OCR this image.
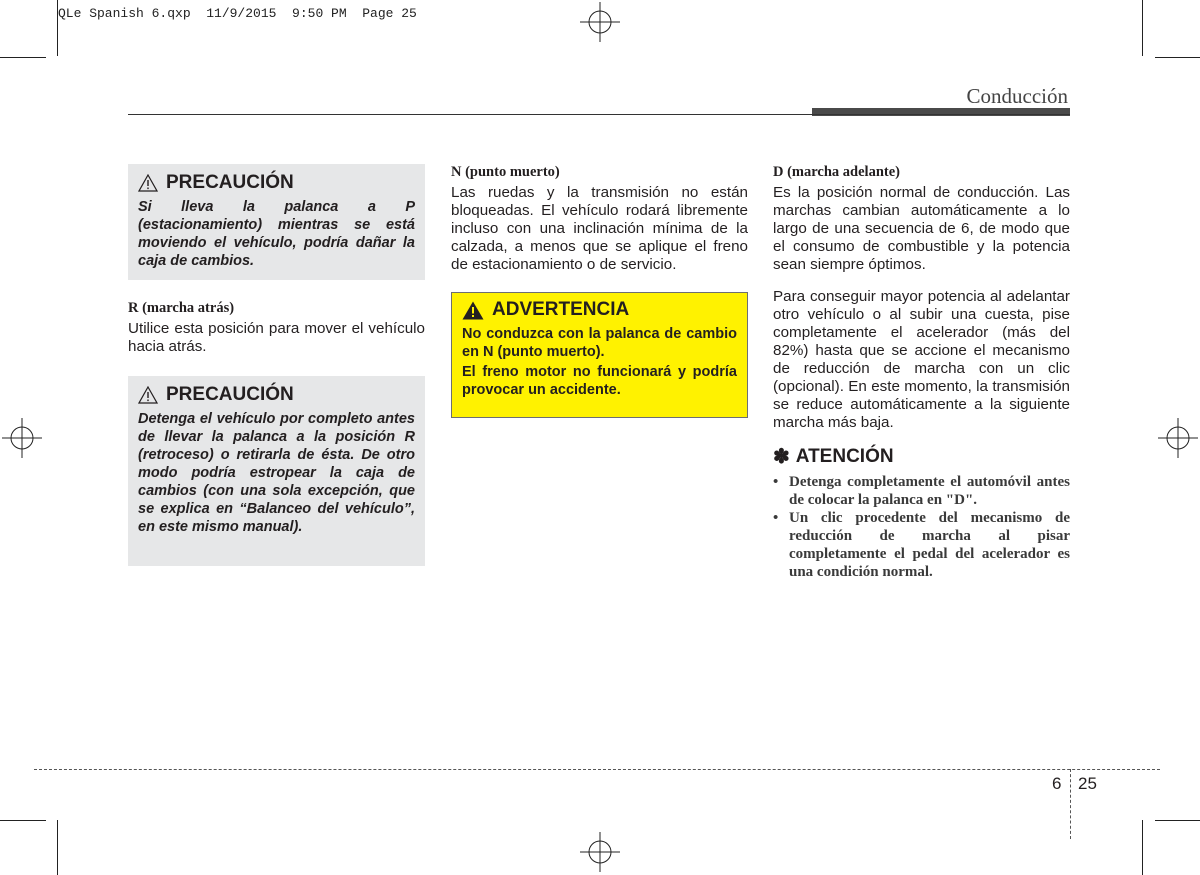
QLe Spanish 6.qxp  11/9/2015  9:50 PM  Page 25
Conducción
PRECAUCIÓN

Si lleva la palanca a P (estacionamiento) mientras se está moviendo el vehículo, podría dañar la caja de cambios.

R (marcha atrás)

Utilice esta posición para mover el vehículo hacia atrás.

PRECAUCIÓN

Detenga el vehículo por completo antes de llevar la palanca a la posición R (retroceso) o retirarla de ésta. De otro modo podría estropear la caja de cambios (con una sola excepción, que se explica en “Balanceo del vehículo”, en este mismo manual).

N (punto muerto)

Las ruedas y la transmisión no están bloqueadas. El vehículo rodará libremente incluso con una inclinación mínima de la calzada, a menos que se aplique el freno de estacionamiento o de servicio.

ADVERTENCIA

No conduzca con la palanca de cambio en N (punto muerto).

El freno motor no funcionará y podría provocar un accidente.

D (marcha adelante)

Es la posición normal de conducción. Las marchas cambian automáticamente a lo largo de una secuencia de 6, de modo que el consumo de combustible y la potencia sean siempre óptimos.

Para conseguir mayor potencia al adelantar otro vehículo o al subir una cuesta, pise completamente el acelerador (más del 82%) hasta que se accione el mecanismo de reducción de marcha con un clic (opcional). En este momento, la transmisión se reduce automáticamente a la siguiente marcha más baja.

✽ ATENCIÓN
• Detenga completamente el automóvil antes de colocar la palanca en "D".
• Un clic procedente del mecanismo de reducción de marcha al pisar completamente el pedal del acelerador es una condición normal.
6 25
